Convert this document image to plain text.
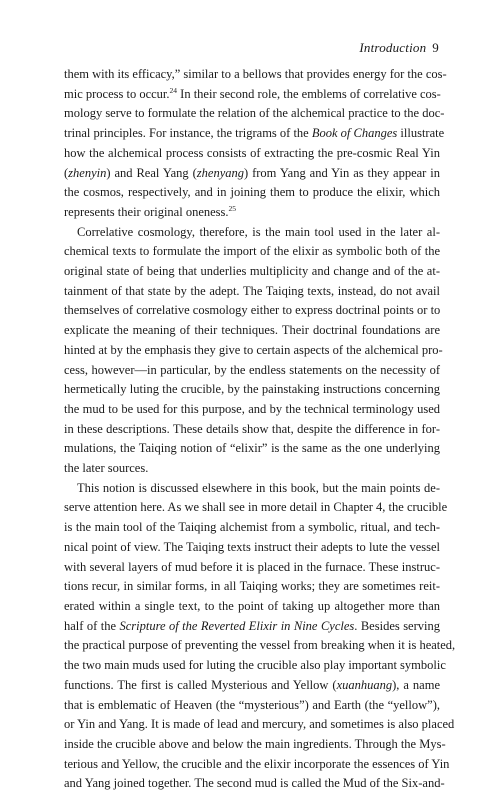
Introduction 9
them with its efficacy,” similar to a bellows that provides energy for the cos-
mic process to occur.$^{24}$ In their second role, the emblems of correlative cos-
mology serve to formulate the relation of the alchemical practice to the doc-
trinal principles. For instance, the trigrams of the Book of Changes illustrate
how the alchemical process consists of extracting the pre-cosmic Real Yin
(zhenyin) and Real Yang (zhenyang) from Yang and Yin as they appear in
the cosmos, respectively, and in joining them to produce the elixir, which
represents their original oneness.$^{25}$
Correlative cosmology, therefore, is the main tool used in the later al-
chemical texts to formulate the import of the elixir as symbolic both of the
original state of being that underlies multiplicity and change and of the at-
tainment of that state by the adept. The Taiqing texts, instead, do not avail
themselves of correlative cosmology either to express doctrinal points or to
explicate the meaning of their techniques. Their doctrinal foundations are
hinted at by the emphasis they give to certain aspects of the alchemical pro-
cess, however—in particular, by the endless statements on the necessity of
hermetically luting the crucible, by the painstaking instructions concerning
the mud to be used for this purpose, and by the technical terminology used
in these descriptions. These details show that, despite the difference in for-
mulations, the Taiqing notion of “elixir” is the same as the one underlying
the later sources.
This notion is discussed elsewhere in this book, but the main points de-
serve attention here. As we shall see in more detail in Chapter 4, the crucible
is the main tool of the Taiqing alchemist from a symbolic, ritual, and tech-
nical point of view. The Taiqing texts instruct their adepts to lute the vessel
with several layers of mud before it is placed in the furnace. These instruc-
tions recur, in similar forms, in all Taiqing works; they are sometimes reit-
erated within a single text, to the point of taking up altogether more than
half of the Scripture of the Reverted Elixir in Nine Cycles. Besides serving
the practical purpose of preventing the vessel from breaking when it is heated,
the two main muds used for luting the crucible also play important symbolic
functions. The first is called Mysterious and Yellow (xuanhuang), a name
that is emblematic of Heaven (the “mysterious”) and Earth (the “yellow”),
or Yin and Yang. It is made of lead and mercury, and sometimes is also placed
inside the crucible above and below the main ingredients. Through the Mys-
terious and Yellow, the crucible and the elixir incorporate the essences of Yin
and Yang joined together. The second mud is called the Mud of the Six-and-
